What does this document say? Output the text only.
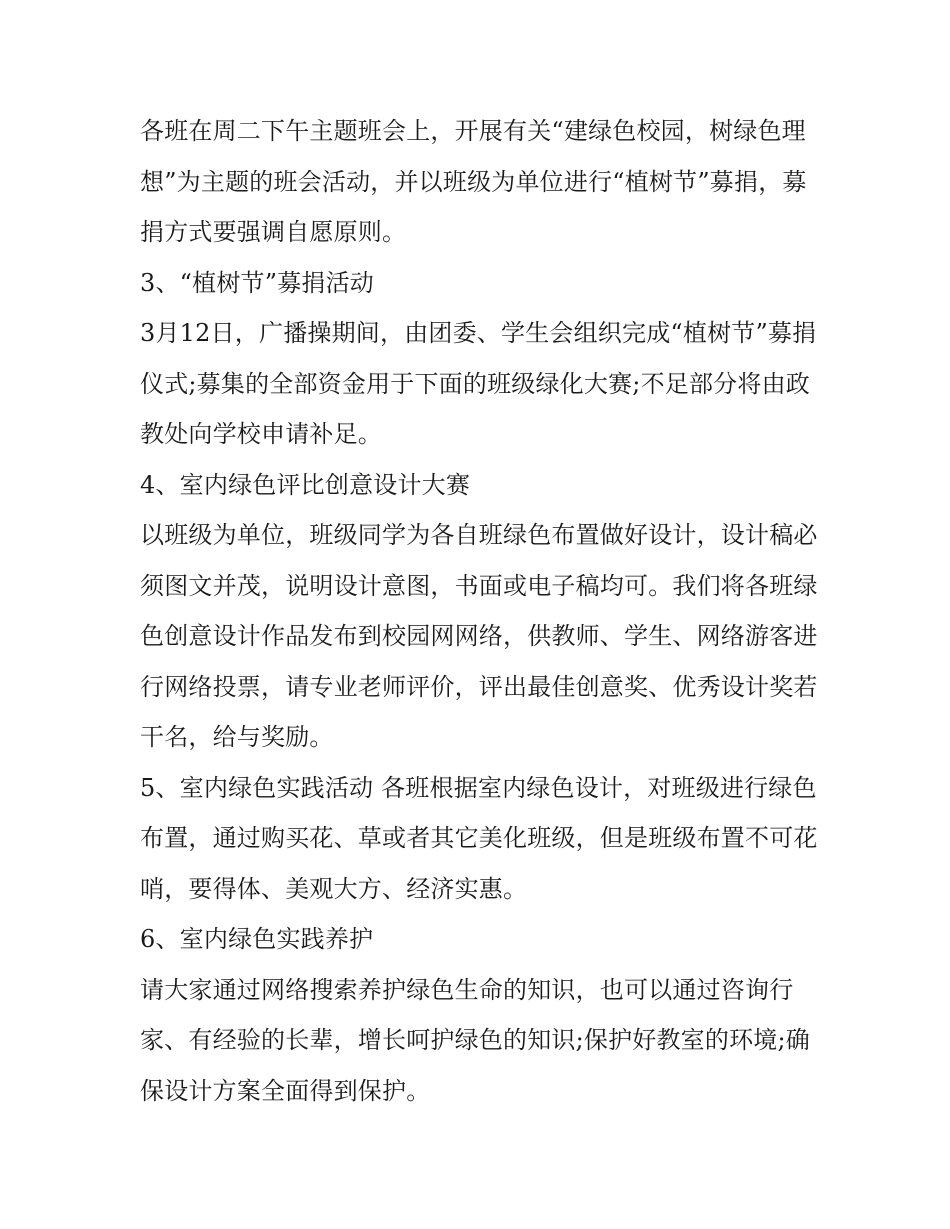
各班在周二下午主题班会上，开展有关“建绿色校园，树绿色理想”为主题的班会活动，并以班级为单位进行“植树节”募捐，募捐方式要强调自愿原则。

3、“植树节”募捐活动

3月12日，广播操期间，由团委、学生会组织完成“植树节”募捐仪式;募集的全部资金用于下面的班级绿化大赛;不足部分将由政教处向学校申请补足。

4、室内绿色评比创意设计大赛

以班级为单位，班级同学为各自班绿色布置做好设计，设计稿必须图文并茂，说明设计意图，书面或电子稿均可。我们将各班绿色创意设计作品发布到校园网网络，供教师、学生、网络游客进行网络投票，请专业老师评价，评出最佳创意奖、优秀设计奖若干名，给与奖励。

5、室内绿色实践活动 各班根据室内绿色设计，对班级进行绿色布置，通过购买花、草或者其它美化班级，但是班级布置不可花哨，要得体、美观大方、经济实惠。

6、室内绿色实践养护

请大家通过网络搜索养护绿色生命的知识，也可以通过咨询行家、有经验的长辈，增长呵护绿色的知识;保护好教室的环境;确保设计方案全面得到保护。
